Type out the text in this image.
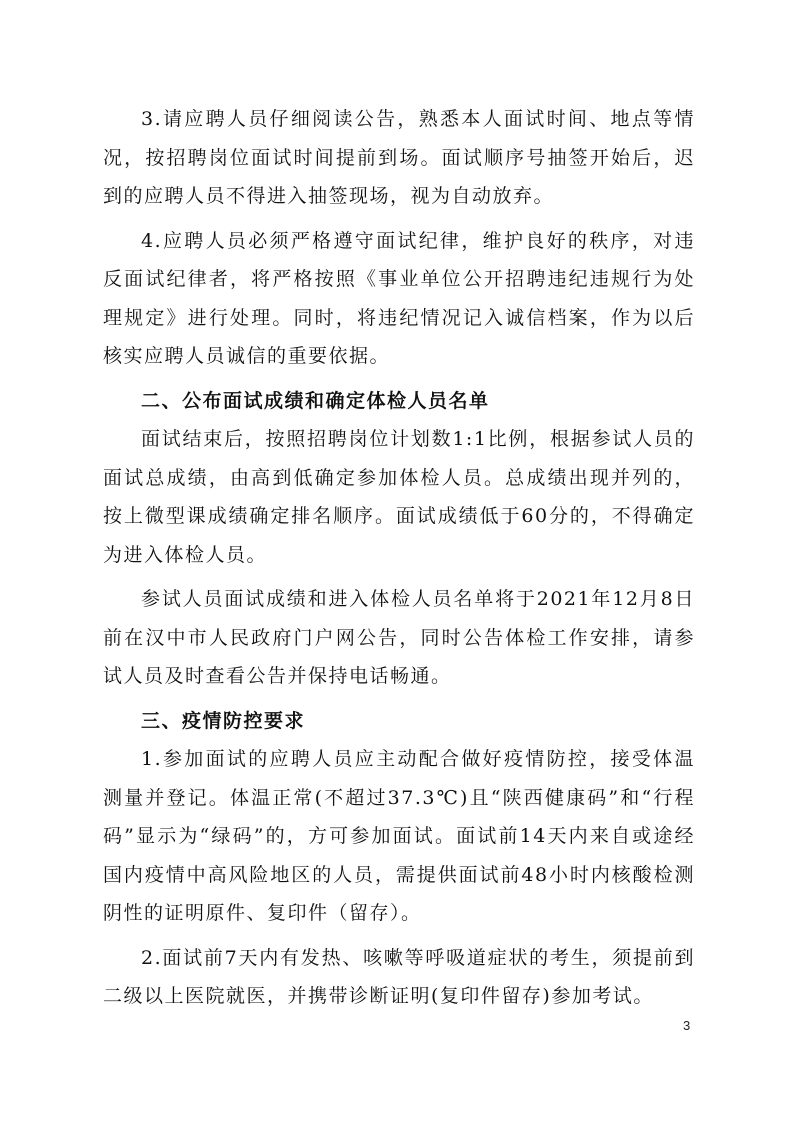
3.请应聘人员仔细阅读公告，熟悉本人面试时间、地点等情况，按招聘岗位面试时间提前到场。面试顺序号抽签开始后，迟到的应聘人员不得进入抽签现场，视为自动放弃。

4.应聘人员必须严格遵守面试纪律，维护良好的秩序，对违反面试纪律者，将严格按照《事业单位公开招聘违纪违规行为处理规定》进行处理。同时，将违纪情况记入诚信档案，作为以后核实应聘人员诚信的重要依据。

二、公布面试成绩和确定体检人员名单

面试结束后，按照招聘岗位计划数1:1比例，根据参试人员的面试总成绩，由高到低确定参加体检人员。总成绩出现并列的，按上微型课成绩确定排名顺序。面试成绩低于60分的，不得确定为进入体检人员。

参试人员面试成绩和进入体检人员名单将于2021年12月8日前在汉中市人民政府门户网公告，同时公告体检工作安排，请参试人员及时查看公告并保持电话畅通。

三、疫情防控要求

1.参加面试的应聘人员应主动配合做好疫情防控，接受体温测量并登记。体温正常(不超过37.3℃)且“陕西健康码”和“行程码”显示为“绿码”的，方可参加面试。面试前14天内来自或途经国内疫情中高风险地区的人员，需提供面试前48小时内核酸检测阴性的证明原件、复印件（留存）。

2.面试前7天内有发热、咳嗽等呼吸道症状的考生，须提前到二级以上医院就医，并携带诊断证明(复印件留存)参加考试。

3
